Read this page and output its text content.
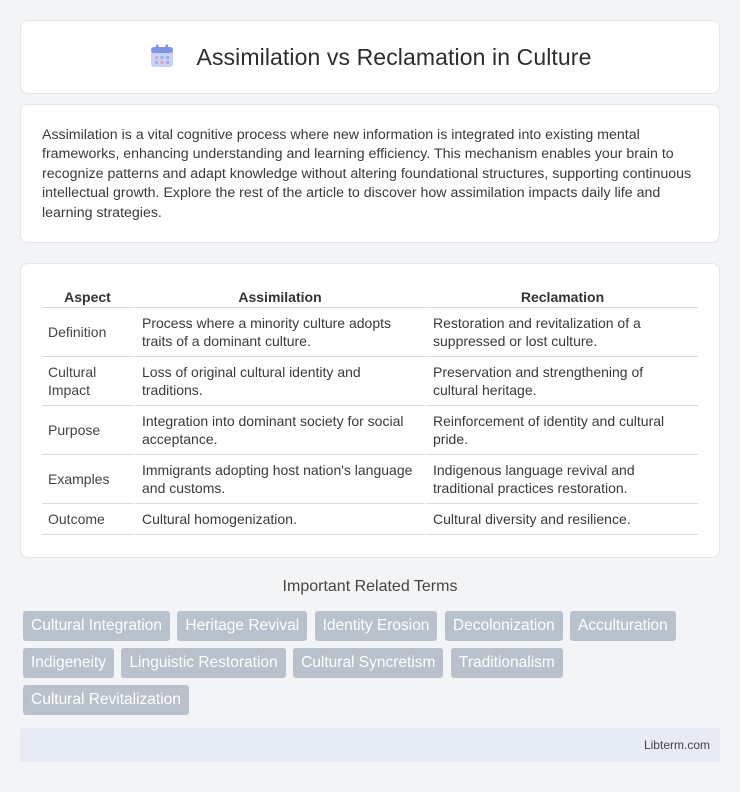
Assimilation vs Reclamation in Culture

Assimilation is a vital cognitive process where new information is integrated into existing mental frameworks, enhancing understanding and learning efficiency. This mechanism enables your brain to recognize patterns and adapt knowledge without altering foundational structures, supporting continuous intellectual growth. Explore the rest of the article to discover how assimilation impacts daily life and learning strategies.

Aspect	Assimilation	Reclamation
Definition	Process where a minority culture adopts traits of a dominant culture.	Restoration and revitalization of a suppressed or lost culture.
Cultural Impact	Loss of original cultural identity and traditions.	Preservation and strengthening of cultural heritage.
Purpose	Integration into dominant society for social acceptance.	Reinforcement of identity and cultural pride.
Examples	Immigrants adopting host nation's language and customs.	Indigenous language revival and traditional practices restoration.
Outcome	Cultural homogenization.	Cultural diversity and resilience.
Important Related Terms
Cultural Integration Heritage Revival Identity Erosion Decolonization Acculturation Indigeneity Linguistic Restoration Cultural Syncretism Traditionalism Cultural Revitalization
Libterm.com
